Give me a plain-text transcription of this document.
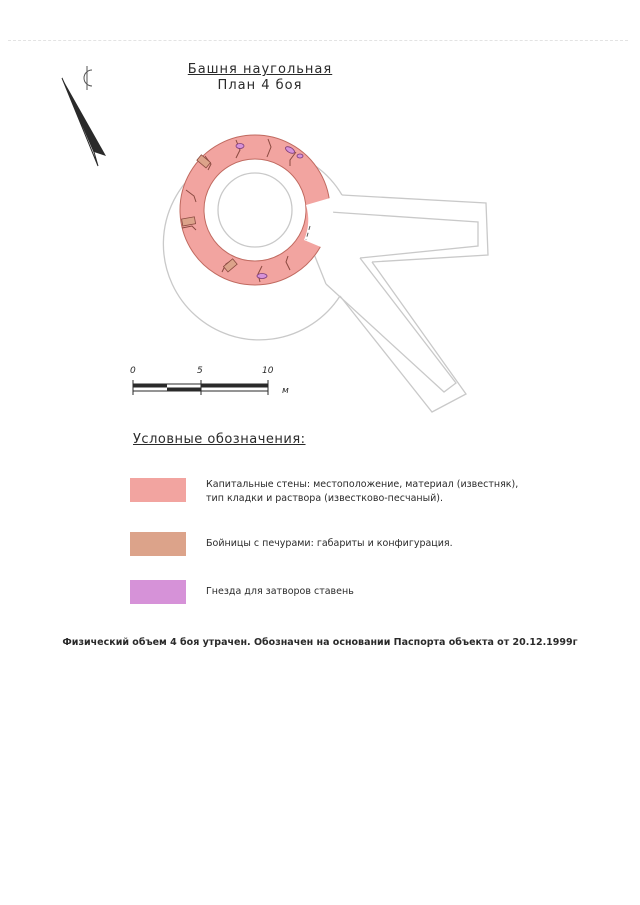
Башня наугольная
План 4 боя
0	5	10
м
Условные обозначения:
Капитальные стены: местоположение, материал (известняк), тип кладки и раствора (известково-песчаный).
Бойницы с печурами: габариты и конфигурация.
Гнезда для затворов ставень
Физический объем 4 боя утрачен. Обозначен на основании Паспорта объекта от 20.12.1999г
